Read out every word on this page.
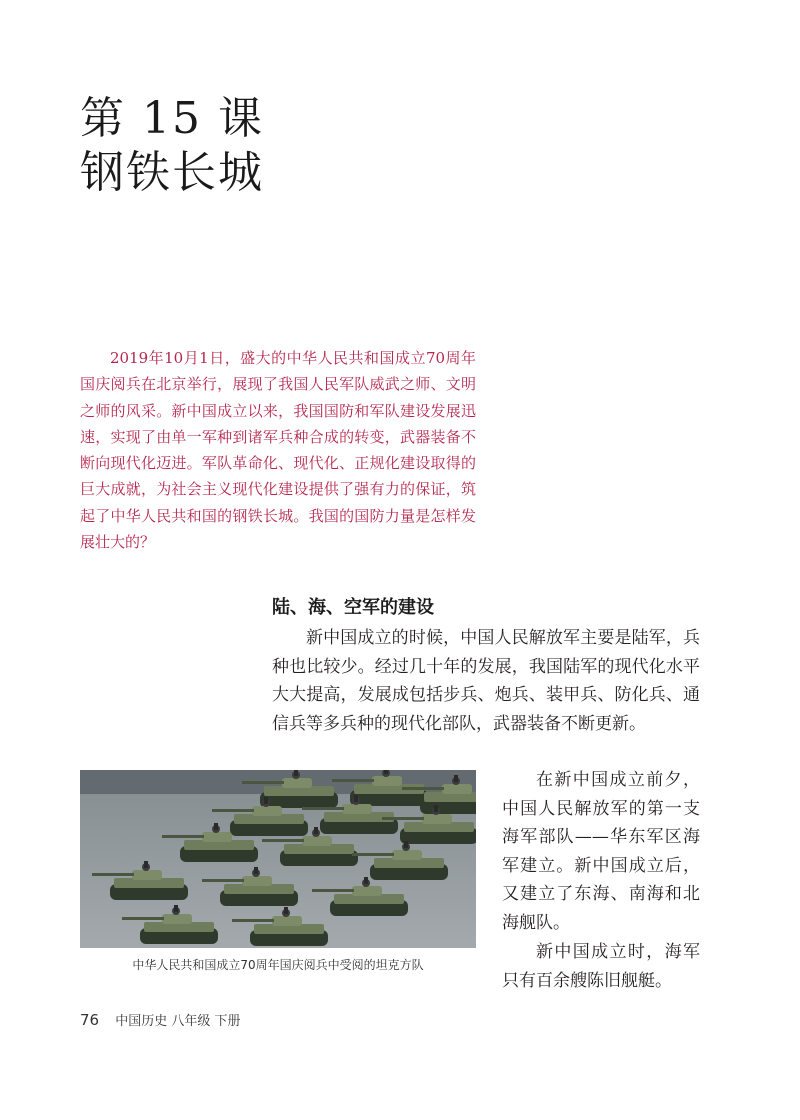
第 15 课
钢铁长城
2019年10月1日，盛大的中华人民共和国成立70周年国庆阅兵在北京举行，展现了我国人民军队威武之师、文明之师的风采。新中国成立以来，我国国防和军队建设发展迅速，实现了由单一军种到诸军兵种合成的转变，武器装备不断向现代化迈进。军队革命化、现代化、正规化建设取得的巨大成就，为社会主义现代化建设提供了强有力的保证，筑起了中华人民共和国的钢铁长城。我国的国防力量是怎样发展壮大的？
陆、海、空军的建设

新中国成立的时候，中国人民解放军主要是陆军，兵种也比较少。经过几十年的发展，我国陆军的现代化水平大大提高，发展成包括步兵、炮兵、装甲兵、防化兵、通信兵等多兵种的现代化部队，武器装备不断更新。

在新中国成立前夕，中国人民解放军的第一支海军部队——华东军区海军建立。新中国成立后，又建立了东海、南海和北海舰队。

新中国成立时，海军只有百余艘陈旧舰艇。

中华人民共和国成立70周年国庆阅兵中受阅的坦克方队
76 中国历史 八年级 下册
